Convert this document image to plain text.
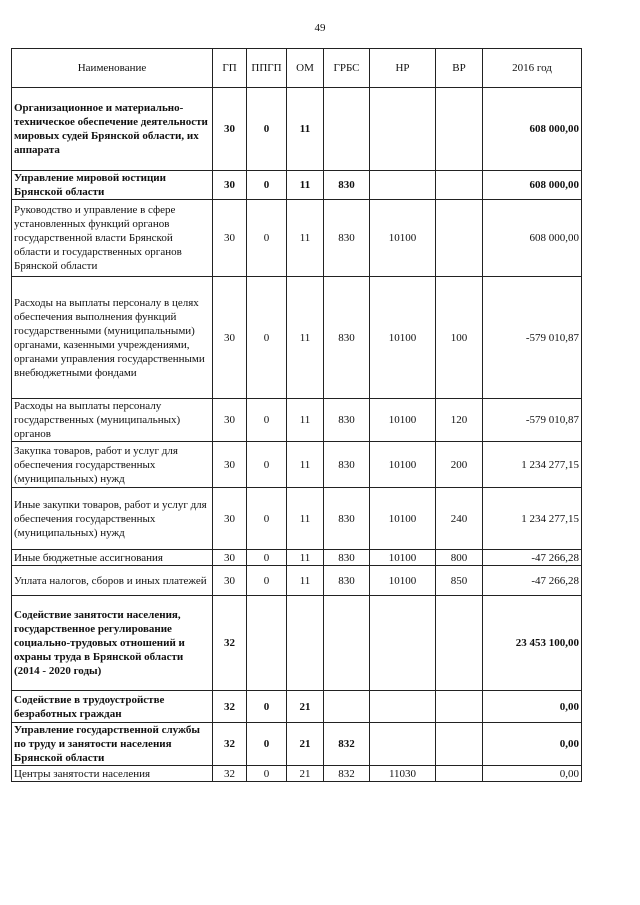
49
Наименование	ГП	ППГП	ОМ	ГРБС	НР	ВР	2016 год
Организационное и материально-техническое обеспечение деятельности мировых судей Брянской области, их аппарата	30	0	11				608 000,00
Управление мировой юстиции Брянской области	30	0	11	830			608 000,00
Руководство и управление в сфере установленных функций органов государственной власти Брянской области и государственных органов Брянской области	30	0	11	830	10100		608 000,00
Расходы на выплаты персоналу в целях обеспечения выполнения функций государственными (муниципальными) органами, казенными учреждениями, органами управления государственными внебюджетными фондами	30	0	11	830	10100	100	-579 010,87
Расходы на выплаты персоналу государственных (муниципальных) органов	30	0	11	830	10100	120	-579 010,87
Закупка товаров, работ и услуг для обеспечения государственных (муниципальных) нужд	30	0	11	830	10100	200	1 234 277,15
Иные закупки товаров, работ и услуг для обеспечения государственных (муниципальных) нужд	30	0	11	830	10100	240	1 234 277,15
Иные бюджетные ассигнования	30	0	11	830	10100	800	-47 266,28
Уплата налогов, сборов и иных платежей	30	0	11	830	10100	850	-47 266,28
Содействие занятости населения, государственное регулирование социально-трудовых отношений и охраны труда в Брянской области (2014 - 2020 годы)	32						23 453 100,00
Содействие в трудоустройстве безработных граждан	32	0	21				0,00
Управление государственной службы по труду и занятости населения Брянской области	32	0	21	832			0,00
Центры занятости населения	32	0	21	832	11030		0,00
